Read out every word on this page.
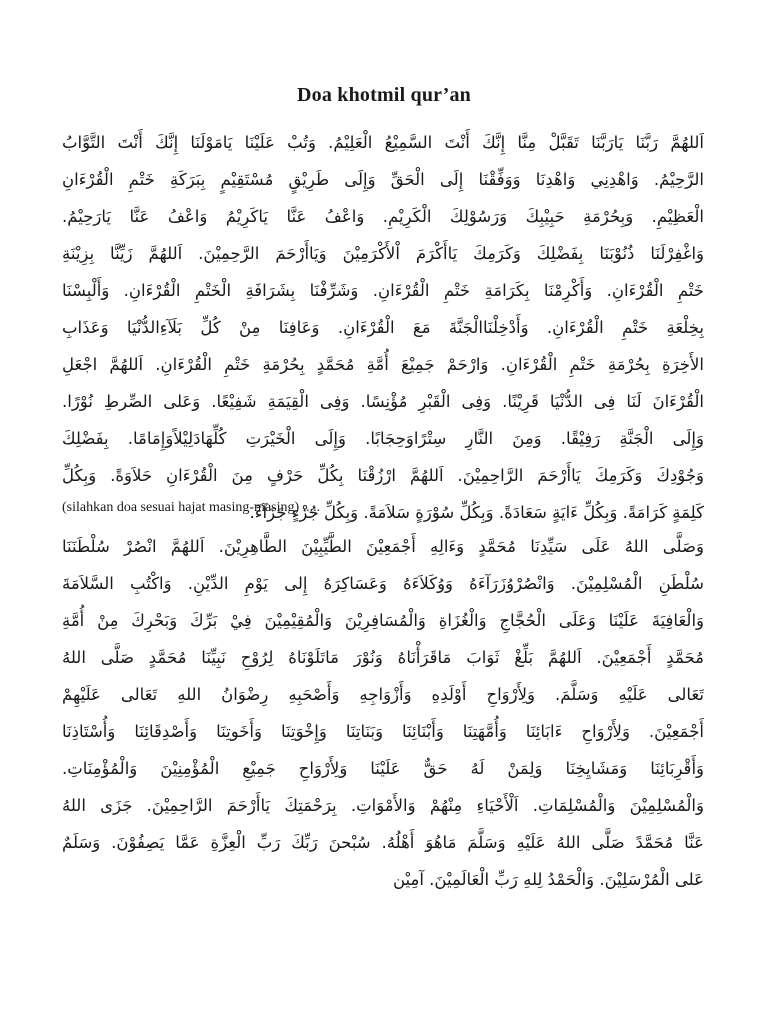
Doa khotmil qur’an
اَللهُمَّ رَبَّنَا يَارَبَّنَا تَقَبَّلْ مِنَّا إِنَّكَ أَنْتَ السَّمِيْعُ الْعَلِيْمُ. وَتُبْ عَلَيْنَا يَامَوْلَنَا إِنَّكَ أَنْتَ التَّوَّابُ
الرَّحِيْمُ. وَاهْدِنِي وَاهْدِنَا وَوَفِّقْنَا إِلَى الْحَقِّ وَإِلَى طَرِيْقٍ مُسْتَقِيْمٍ بِبَرَكَةِ خَتْمِ الْقُرْءَانِ
الْعَظِيْمِ. وَبِحُرْمَةِ حَبِيْبِكَ وَرَسُوْلِكَ الْكَرِيْمِ. وَاعْفُ عَنَّا يَاكَرِيْمُ وَاعْفُ عَنَّا يَارَحِيْمُ.
وَاغْفِرْلَنَا ذُنُوْبَنَا بِفَضْلِكَ وَكَرَمِكَ يَاأَكْرَمَ اْلأَكْرَمِيْنَ وَيَاأَرْحَمَ الرَّحِمِيْنَ. اَللهُمَّ زَيِّنَّا بِزِيْنَةِ
خَتْمِ الْقُرْءَانِ. وَأَكْرِمْنَا بِكَرَامَةِ خَتْمِ الْقُرْءَانِ. وَشَرِّفْنَا بِشَرَافَةِ الْخَتْمِ الْقُرْءَانِ. وَأَلْبِسْنَا
بِخِلْعَةِ خَتْمِ الْقُرْءَانِ. وَأَدْخِلْنَاالْجَنَّةَ مَعَ الْقُرْءَانِ. وَعَافِنَا مِنْ كُلِّ بَلَآءِالدُّنْيَا وَعَذَابِ
الأَخِرَةِ بِحُرْمَةِ خَتْمِ الْقُرْءَانِ. وَارْحَمْ جَمِيْعَ أُمَّةِ مُحَمَّدٍ بِحُرْمَةِ خَتْمِ الْقُرْءَانِ. اَللهُمَّ اجْعَلِ
الْقُرْءَانَ لَنَا فِى الدُّنْيَا قَرِيْنًا. وَفِى الْقَبْرِ مُؤْنِسًا. وَفِى الْقِيَمَةِ شَفِيْعًا. وَعَلى الصِّرطِ نُوْرًا.
وَإِلَى الْجَنَّةِ رَفِيْقًا. وَمِنَ النَّارِ سِتْرًاوَحِجَابًا. وَإِلَى الْخَيْرَتِ كُلِّهَادَلِيْلاًوَإِمَامًا. بِفَضْلِكَ
وَجُوْدِكَ وَكَرَمِكَ يَاأَرْحَمَ الرَّاحِمِيْنَ. اَللهُمَّ ارْزُقْنَا بِكُلِّ حَرْفٍ مِنَ الْقُرْءَانِ حَلاَوَةً. وَبِكُلِّ
كَلِمَةٍ كَرَامَةً. وَبِكُلِّ ءَايَةٍ سَعَادَةً. وَبِكُلِّ سُوْرَةٍ سَلاَمَةً. وَبِكُلِّ جُزْءٍ جَزَآءً.
(silahkan doa sesuai hajat masing-masing) .....
وَصَلَّى اللهُ عَلَى سَيِّدِنَا مُحَمَّدٍ وَءَالِهِ أَجْمَعِيْنَ الطَّيِّبِيْنَ الطَّاهِرِيْنَ. اَللهُمَّ انْصُرْ سُلْطَنَنَا
سُلْطَنِ الْمُسْلِمِيْنَ. وَانْصُرْوُزَرَآءَهُ وَوُكَلاَءَهُ وَعَسَاكِرَهُ إِلى يَوْمِ الدِّيْنِ. وَاكْتُبِ السَّلاَمَةَ
وَالْعَافِيَةَ عَلَيْنَا وَعَلَى الْحُجَّاجِ وَالْغُزَاةِ وَالْمُسَافِرِيْنَ وَالْمُقِيْمِيْنَ فِيْ بَرِّكَ وَبَحْرِكَ مِنْ أُمَّةِ
مُحَمَّدٍ أَجْمَعِيْنَ. اَللهُمَّ بَلِّغْ ثَوَابَ مَاقَرَأْنَاهُ وَنُوْرَ مَاتَلَوْنَاهُ لِرُوْحِ نَبِيِّنَا مُحَمَّدٍ صَلَّى اللهُ
تَعَالى عَلَيْهِ وَسَلَّمَ. وَلِأَرْوَاحِ أَوْلَدِهِ وَأَزْوَاجِهِ وَأَصْحَبِهِ رِضْوَانُ اللهِ تَعَالى عَلَيْهِمْ
أَجْمَعِيْنَ. وَلِأَرْوَاحِ ءَابَائِنَا وَأُمَّهَتِنَا وَأَبْنَائِنَا وَبَنَاتِنَا وَإِخْوَتِنَا وَأَخَوتِنَا وَأَصْدِقَائِنَا وَأُسْتَاذِنَا
وَأَقْرِبَائِنَا وَمَشَايِخِنَا وَلِمَنْ لَهُ حَقٌّ عَلَيْنَا وَلِأَرْوَاحِ جَمِيْعِ الْمُؤْمِنِيْنَ وَالْمُؤْمِنَاتِ.
وَالْمُسْلِمِيْنَ وَالْمُسْلِمَاتِ. اَلْأَحْيَاءِ مِنْهُمْ وَالأَمْوَاتِ. بِرَحْمَتِكَ يَاأَرْحَمَ الرَّاحِمِيْنَ. جَزَى اللهُ
عَنَّا مُحَمَّدً صَلَّى اللهُ عَلَيْهِ وَسَلَّمَ مَاهُوَ أَهْلُهُ. سُبْحنَ رَبِّكَ رَبِّ الْعِزَّةِ عَمَّا يَصِفُوْنَ. وَسَلَمٌ
عَلى الْمُرْسَلِيْنَ. وَالْحَمْدُ لِلهِ رَبِّ الْعَالَمِيْنَ. آمِيْن
